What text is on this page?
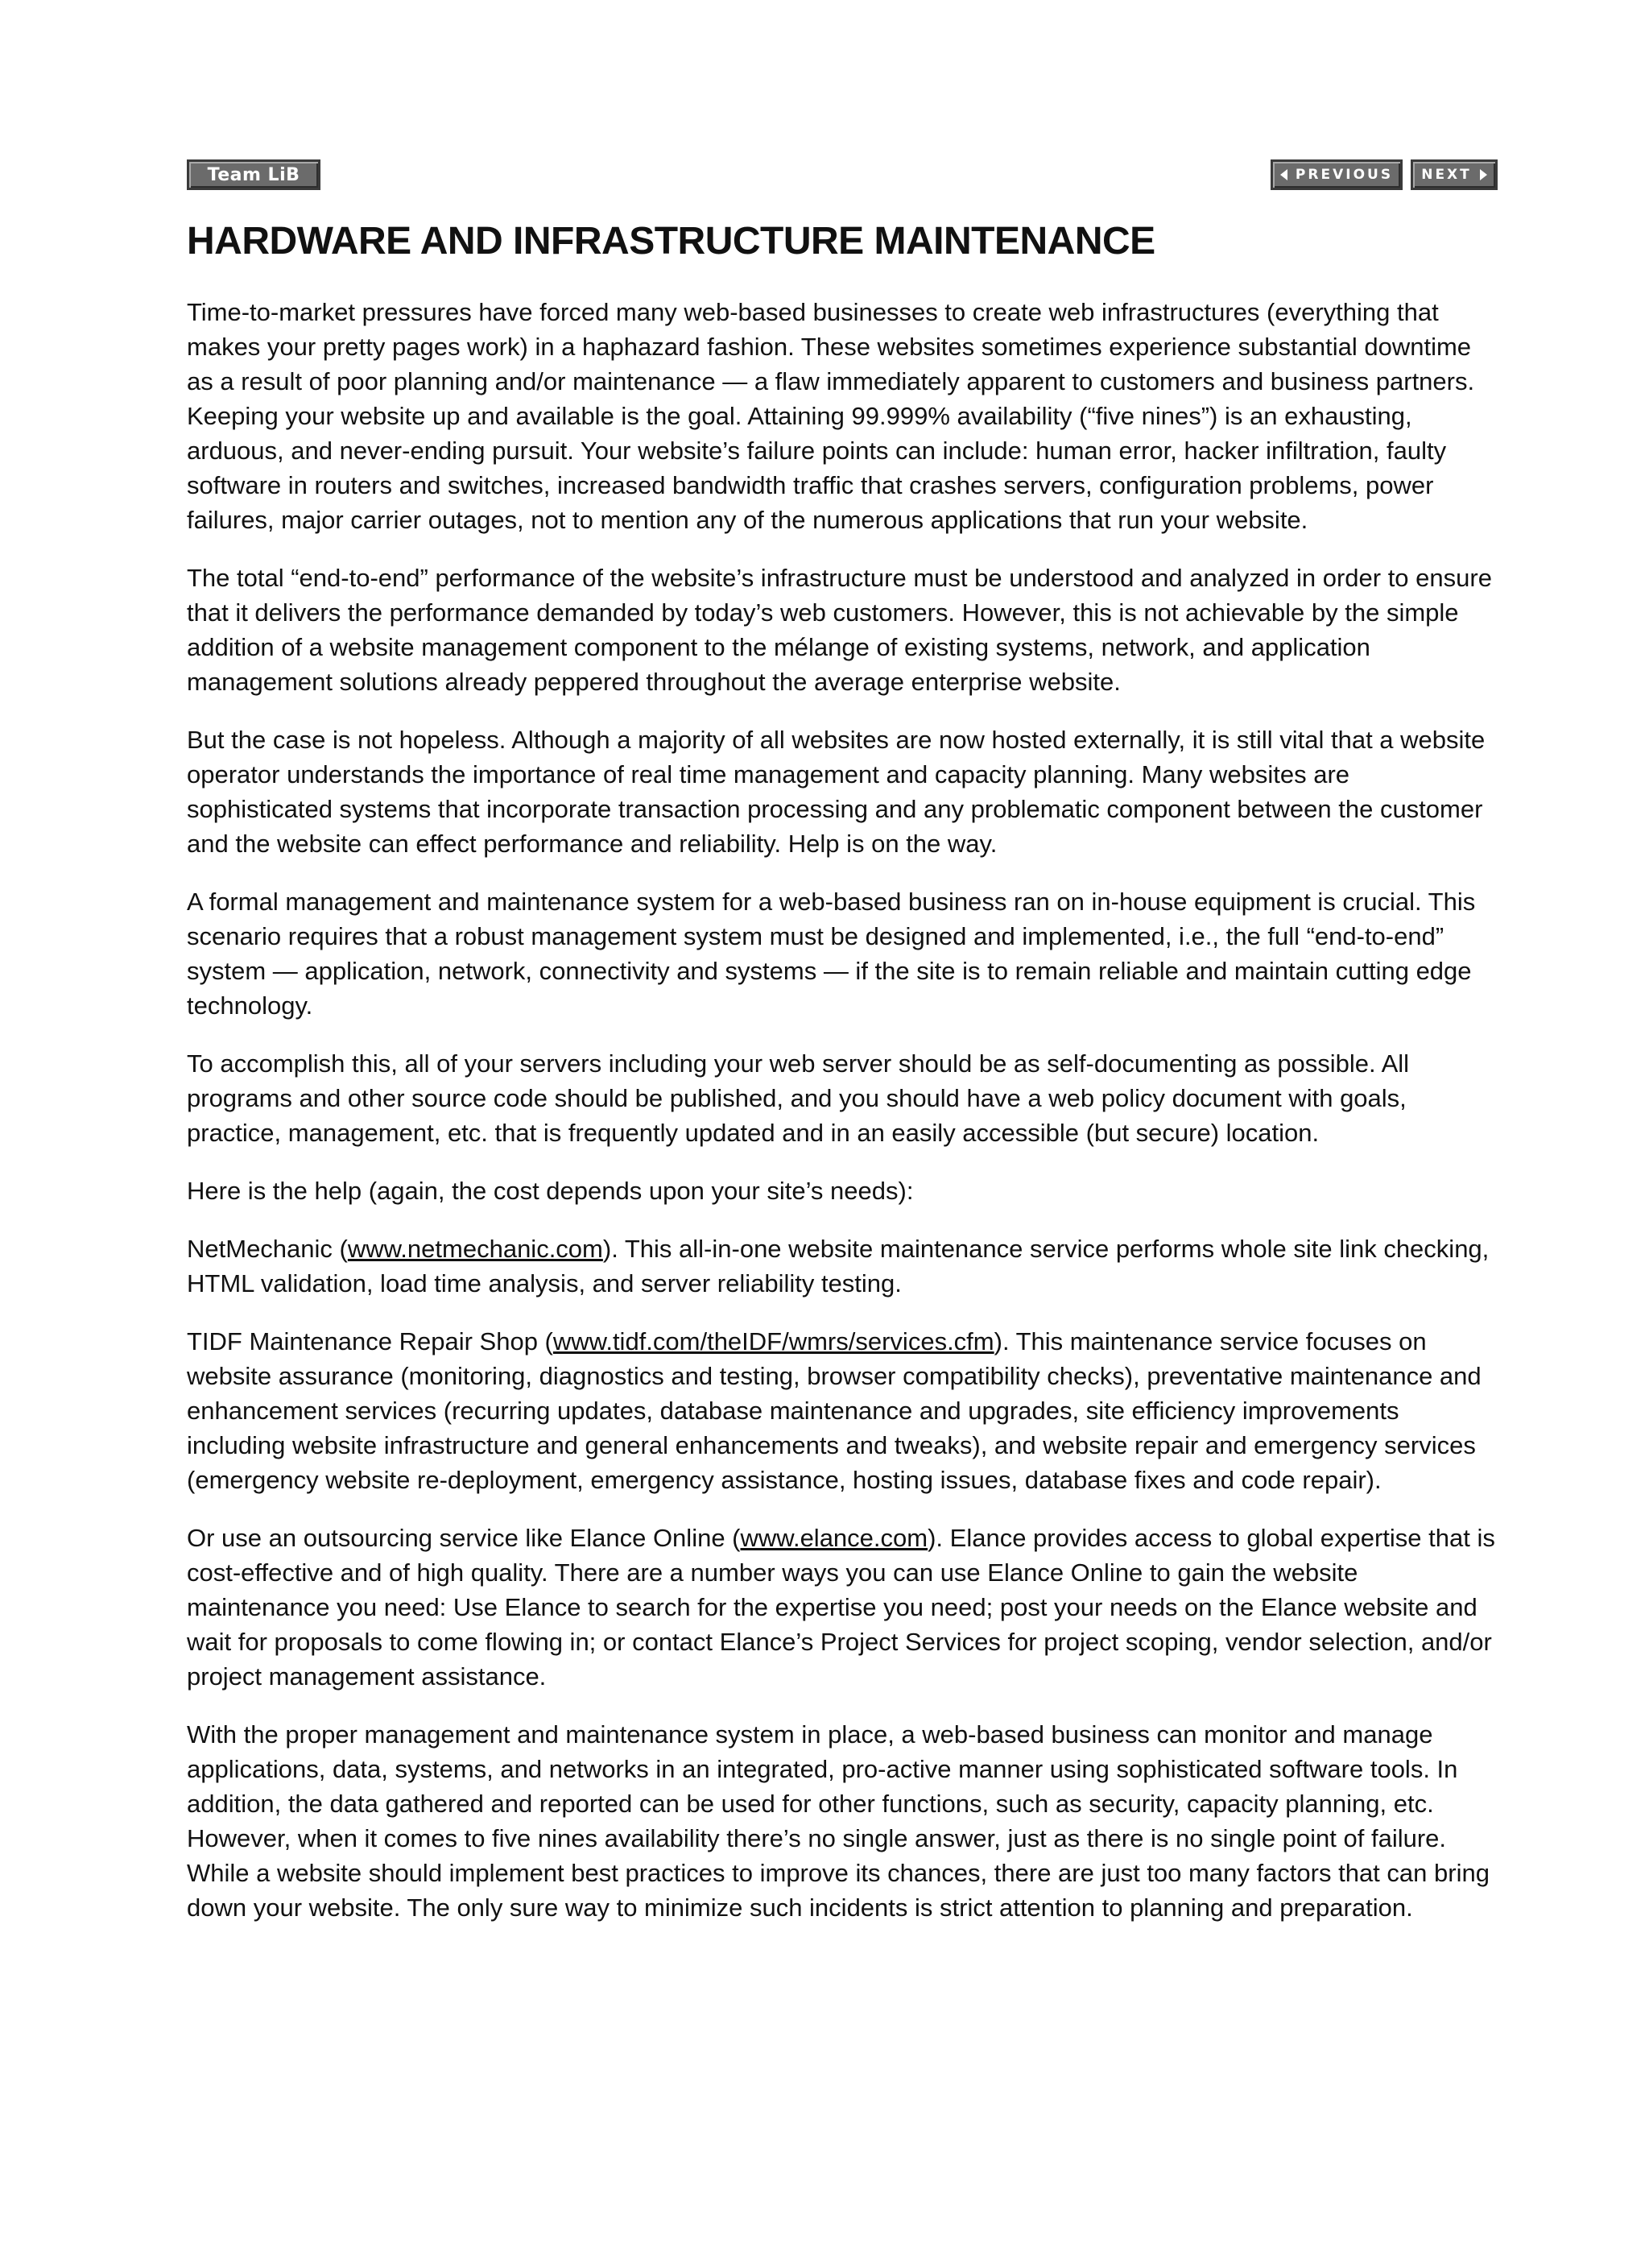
Team LiB	PREVIOUS NEXT
HARDWARE AND INFRASTRUCTURE MAINTENANCE

Time-to-market pressures have forced many web-based businesses to create web infrastructures (everything that makes your pretty pages work) in a haphazard fashion. These websites sometimes experience substantial downtime as a result of poor planning and/or maintenance — a flaw immediately apparent to customers and business partners. Keeping your website up and available is the goal. Attaining 99.999% availability (“five nines”) is an exhausting, arduous, and never-ending pursuit. Your website’s failure points can include: human error, hacker infiltration, faulty software in routers and switches, increased bandwidth traffic that crashes servers, configuration problems, power failures, major carrier outages, not to mention any of the numerous applications that run your website.

The total “end-to-end” performance of the website’s infrastructure must be understood and analyzed in order to ensure that it delivers the performance demanded by today’s web customers. However, this is not achievable by the simple addition of a website management component to the mélange of existing systems, network, and application management solutions already peppered throughout the average enterprise website.

But the case is not hopeless. Although a majority of all websites are now hosted externally, it is still vital that a website operator understands the importance of real time management and capacity planning. Many websites are sophisticated systems that incorporate transaction processing and any problematic component between the customer and the website can effect performance and reliability. Help is on the way.

A formal management and maintenance system for a web-based business ran on in-house equipment is crucial. This scenario requires that a robust management system must be designed and implemented, i.e., the full “end-to-end” system — application, network, connectivity and systems — if the site is to remain reliable and maintain cutting edge technology.

To accomplish this, all of your servers including your web server should be as self-documenting as possible. All programs and other source code should be published, and you should have a web policy document with goals, practice, management, etc. that is frequently updated and in an easily accessible (but secure) location.

Here is the help (again, the cost depends upon your site’s needs):

NetMechanic (www.netmechanic.com). This all-in-one website maintenance service performs whole site link checking, HTML validation, load time analysis, and server reliability testing.

TIDF Maintenance Repair Shop (www.tidf.com/theIDF/wmrs/services.cfm). This maintenance service focuses on website assurance (monitoring, diagnostics and testing, browser compatibility checks), preventative maintenance and enhancement services (recurring updates, database maintenance and upgrades, site efficiency improvements including website infrastructure and general enhancements and tweaks), and website repair and emergency services (emergency website re-deployment, emergency assistance, hosting issues, database fixes and code repair).

Or use an outsourcing service like Elance Online (www.elance.com). Elance provides access to global expertise that is cost-effective and of high quality. There are a number ways you can use Elance Online to gain the website maintenance you need: Use Elance to search for the expertise you need; post your needs on the Elance website and wait for proposals to come flowing in; or contact Elance’s Project Services for project scoping, vendor selection, and/or project management assistance.

With the proper management and maintenance system in place, a web-based business can monitor and manage applications, data, systems, and networks in an integrated, pro-active manner using sophisticated software tools. In addition, the data gathered and reported can be used for other functions, such as security, capacity planning, etc. However, when it comes to five nines availability there’s no single answer, just as there is no single point of failure. While a website should implement best practices to improve its chances, there are just too many factors that can bring down your website. The only sure way to minimize such incidents is strict attention to planning and preparation.
